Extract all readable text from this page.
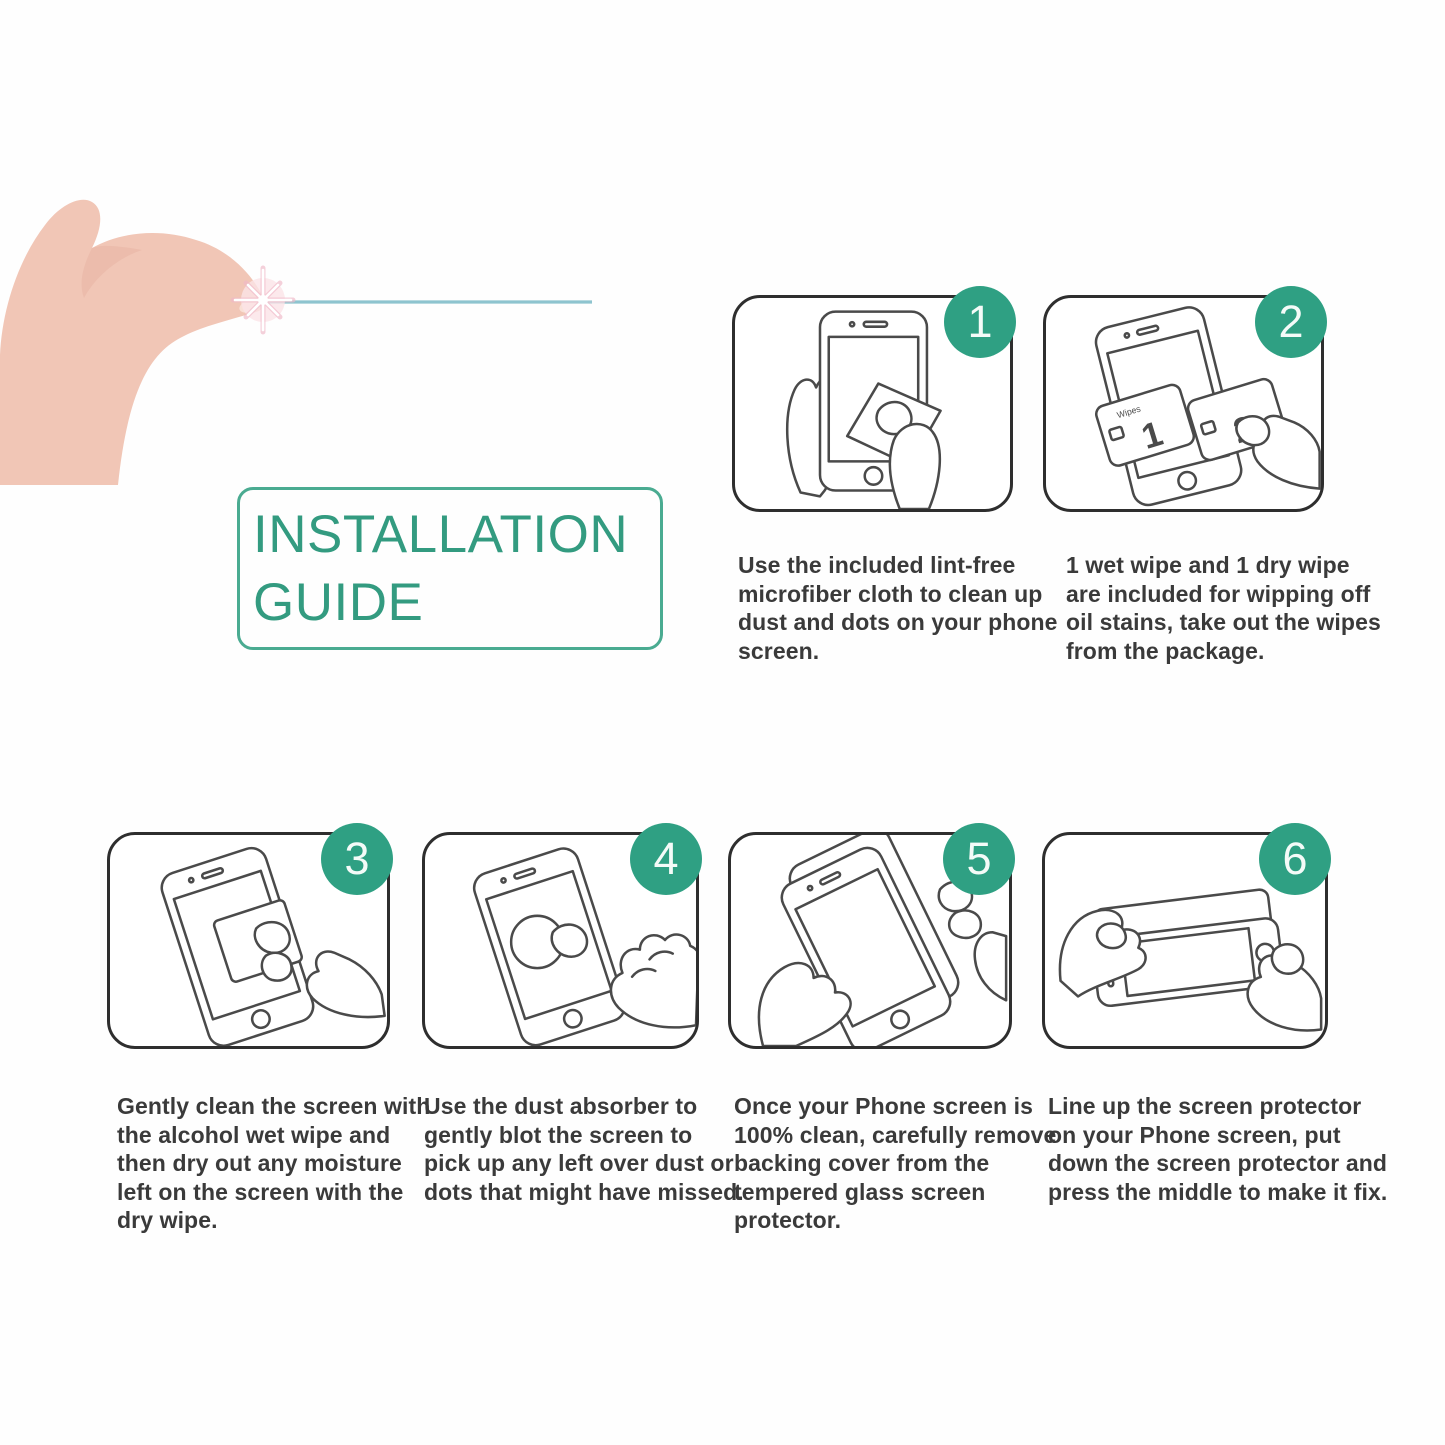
INSTALLATION
GUIDE
1
Wipes
1
2
3	4	5	6
Use the included lint-free microfiber cloth to clean up dust and dots on your phone screen.
1 wet wipe and 1 dry wipe are included for wipping off oil stains, take out the wipes from the package.
Gently clean the screen with the alcohol wet wipe and then dry out any moisture left on the screen with the dry wipe.
Use the dust absorber to gently blot the screen to pick up any left over dust or dots that might have missed.
Once your Phone screen is 100% clean, carefully remove backing cover from the tempered glass screen protector.
Line up the screen protector on your Phone screen, put down the screen protector and press the middle to make it fix.
